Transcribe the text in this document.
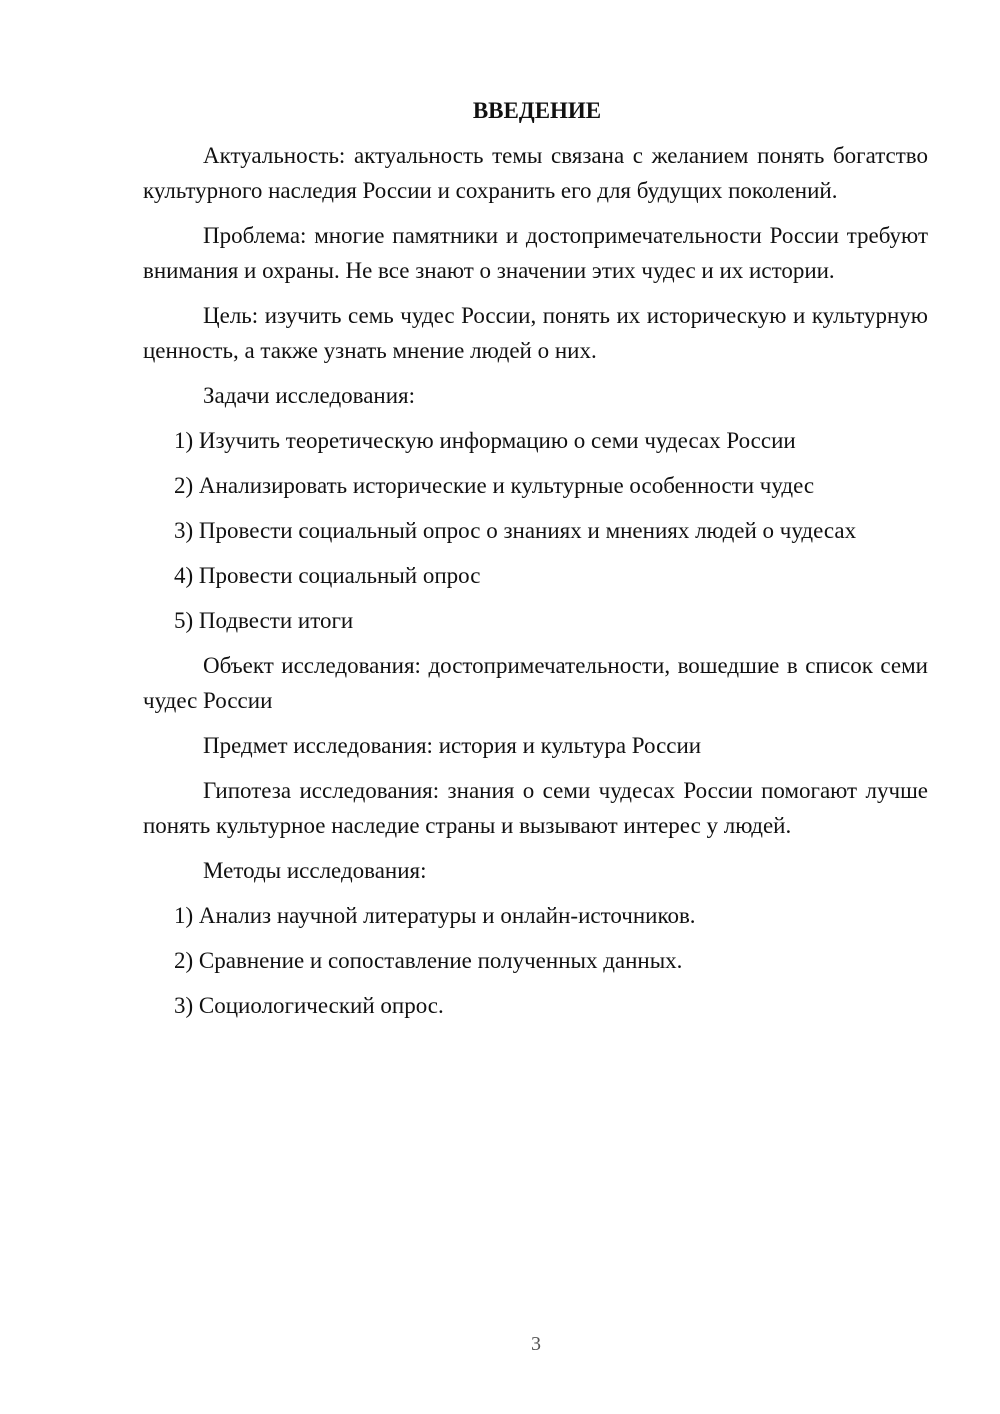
ВВЕДЕНИЕ

Актуальность: актуальность темы связана с желанием понять богатство культурного наследия России и сохранить его для будущих поколений.

Проблема: многие памятники и достопримечательности России требуют внимания и охраны. Не все знают о значении этих чудес и их истории.

Цель: изучить семь чудес России, понять их историческую и культурную ценность, а также узнать мнение людей о них.

Задачи исследования:

1) Изучить теоретическую информацию о семи чудесах России
2) Анализировать исторические и культурные особенности чудес
3) Провести социальный опрос о знаниях и мнениях людей о чудесах
4) Провести социальный опрос
5) Подвести итоги

Объект исследования: достопримечательности, вошедшие в список семи чудес России

Предмет исследования: история и культура России

Гипотеза исследования: знания о семи чудесах России помогают лучше понять культурное наследие страны и вызывают интерес у людей.

Методы исследования:

1) Анализ научной литературы и онлайн-источников.
2) Сравнение и сопоставление полученных данных.
3) Социологический опрос.
3
